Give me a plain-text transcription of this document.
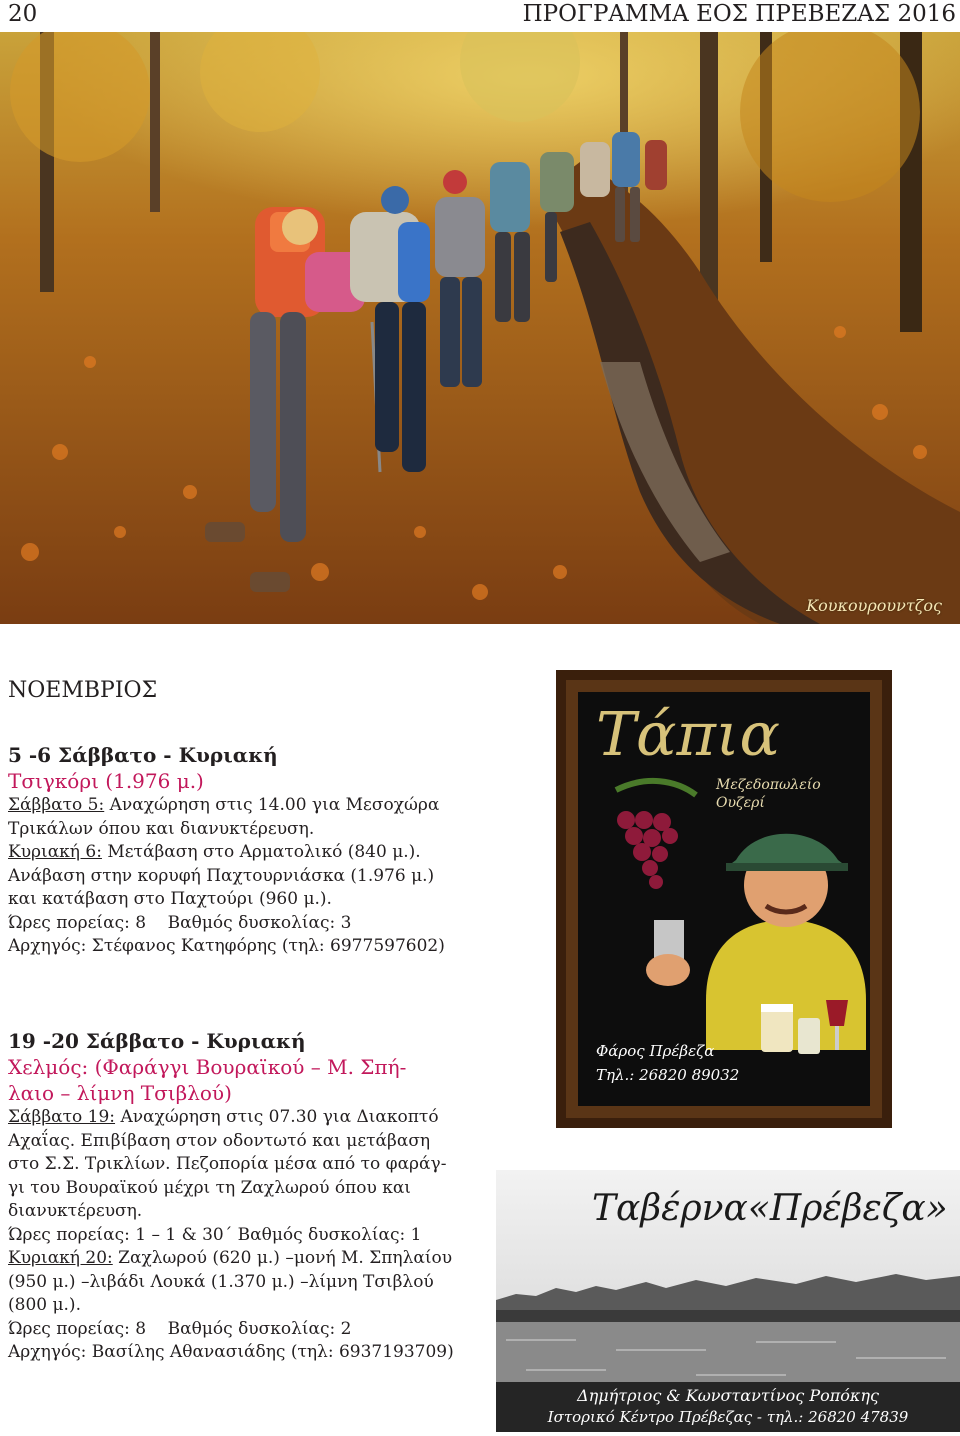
20	ΠΡΟΓΡΑΜΜΑ ΕΟΣ ΠΡΕΒΕΖΑΣ 2016
Κουκουρουντζος
ΝΟΕΜΒΡΙΟΣ

5 -6 Σάββατο - Κυριακή

Τσιγκόρι (1.976 μ.)

Σάββατο 5: Αναχώρηση στις 14.00 για Μεσοχώρα

Τρικάλων όπου και διανυκτέρευση.

Κυριακή 6: Μετάβαση στο Αρματολικό (840 μ.).

Ανάβαση στην κορυφή Παχτουρνιάσκα (1.976 μ.)

και κατάβαση στο Παχτούρι (960 μ.).

Ώρες πορείας: 8    Βαθμός δυσκολίας: 3

Αρχηγός: Στέφανος Κατηφόρης (τηλ: 6977597602)

19 -20 Σάββατο - Κυριακή

Χελμός: (Φαράγγι Βουραϊκού – Μ. Σπή-

λαιο – λίμνη Τσιβλού)

Σάββατο 19: Αναχώρηση στις 07.30 για Διακοπτό

Αχαΐας. Επιβίβαση στον οδοντωτό και μετάβαση

στο Σ.Σ. Τρικλίων. Πεζοπορία μέσα από το φαράγ-

γι του Βουραϊκού μέχρι τη Ζαχλωρού όπου και

διανυκτέρευση.

Ώρες πορείας: 1 – 1 & 30΄ Βαθμός δυσκολίας: 1

Κυριακή 20: Ζαχλωρού (620 μ.) –μονή Μ. Σπηλαίου

(950 μ.) –λιβάδι Λουκά (1.370 μ.) –λίμνη Τσιβλού

(800 μ.).

Ώρες πορείας: 8    Βαθμός δυσκολίας: 2

Αρχηγός: Βασίλης Αθανασιάδης (τηλ: 6937193709)

Τάπια
Μεζεδοπωλείο Ουζερί
Φάρος Πρέβεζα
Τηλ.: 26820 89032
Ταβέρνα«Πρέβεζα»
Δημήτριος & Κωνσταντίνος Ροπόκης
Ιστορικό Κέντρο Πρέβεζας - τηλ.: 26820 47839
